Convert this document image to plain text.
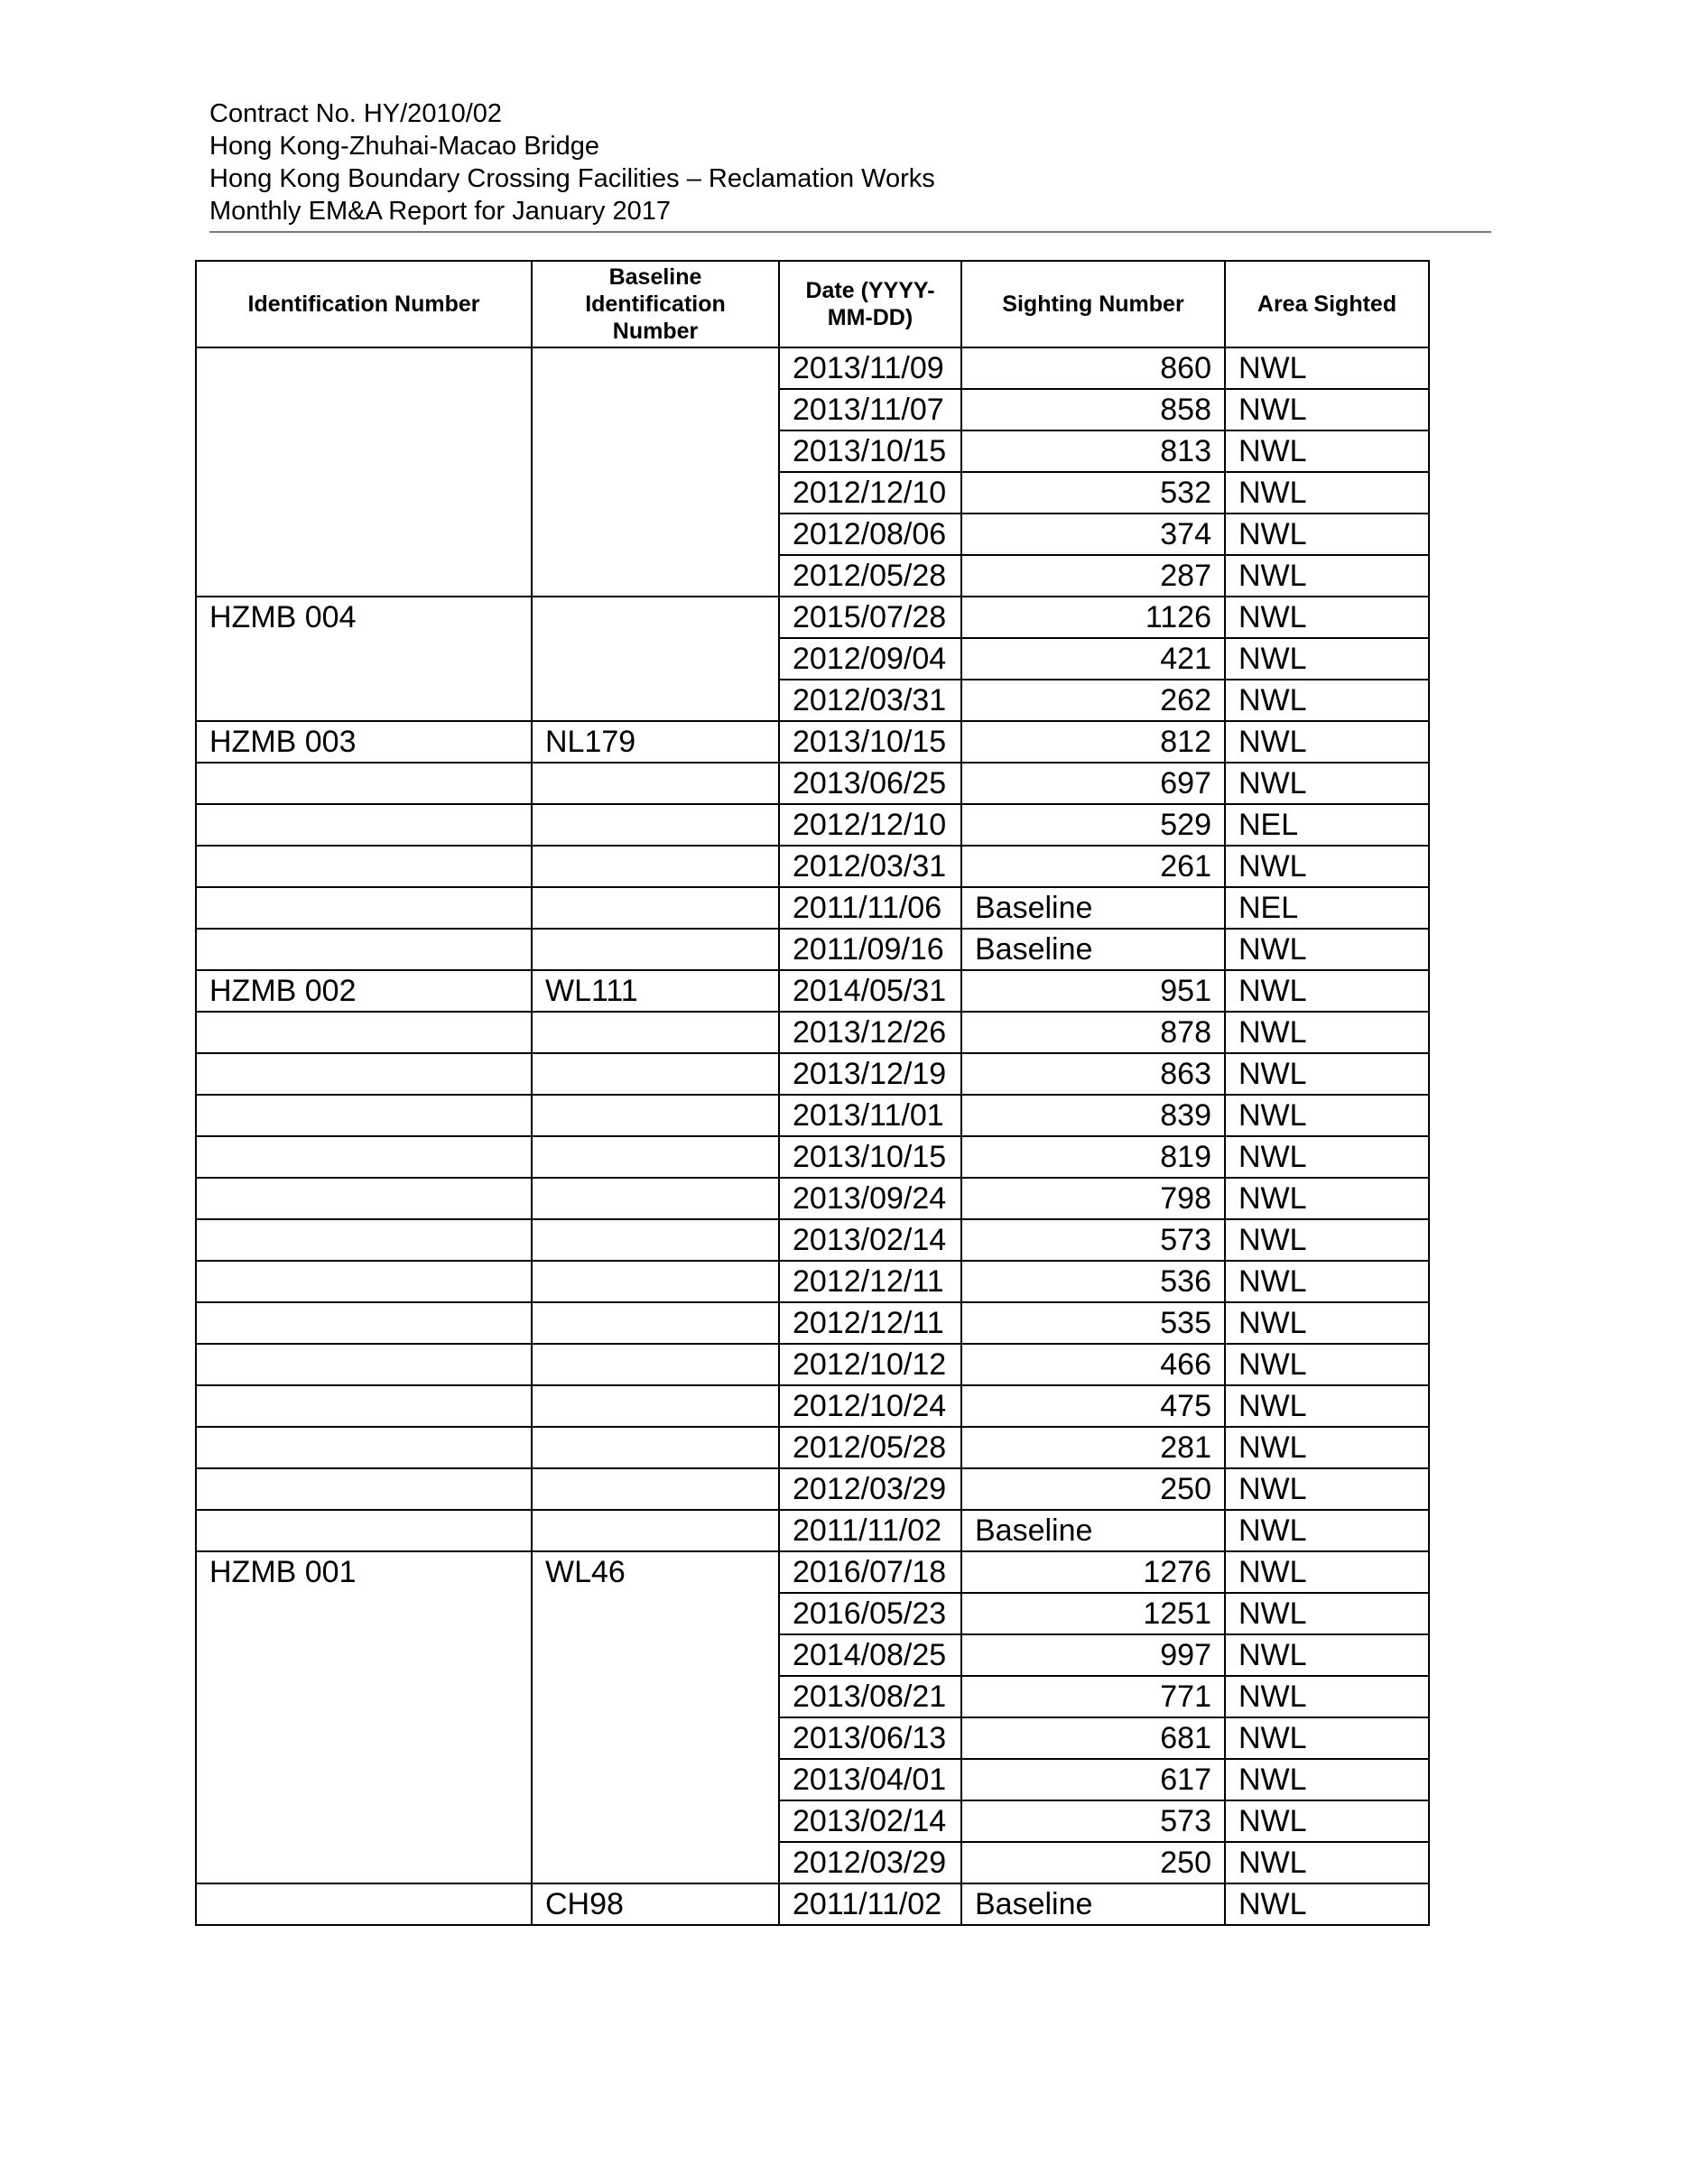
Contract No. HY/2010/02
Hong Kong-Zhuhai-Macao Bridge
Hong Kong Boundary Crossing Facilities – Reclamation Works
Monthly EM&A Report for January 2017
Identification Number	Baseline Identification Number	Date (YYYY-MM-DD)	Sighting Number	Area Sighted
		2013/11/09	860	NWL
		2013/11/07	858	NWL
		2013/10/15	813	NWL
		2012/12/10	532	NWL
		2012/08/06	374	NWL
		2012/05/28	287	NWL
HZMB 004		2015/07/28	1126	NWL
		2012/09/04	421	NWL
		2012/03/31	262	NWL
HZMB 003	NL179	2013/10/15	812	NWL
		2013/06/25	697	NWL
		2012/12/10	529	NEL
		2012/03/31	261	NWL
		2011/11/06	Baseline	NEL
		2011/09/16	Baseline	NWL
HZMB 002	WL111	2014/05/31	951	NWL
		2013/12/26	878	NWL
		2013/12/19	863	NWL
		2013/11/01	839	NWL
		2013/10/15	819	NWL
		2013/09/24	798	NWL
		2013/02/14	573	NWL
		2012/12/11	536	NWL
		2012/12/11	535	NWL
		2012/10/12	466	NWL
		2012/10/24	475	NWL
		2012/05/28	281	NWL
		2012/03/29	250	NWL
		2011/11/02	Baseline	NWL
HZMB 001	WL46	2016/07/18	1276	NWL
		2016/05/23	1251	NWL
		2014/08/25	997	NWL
		2013/08/21	771	NWL
		2013/06/13	681	NWL
		2013/04/01	617	NWL
		2013/02/14	573	NWL
		2012/03/29	250	NWL
	CH98	2011/11/02	Baseline	NWL
